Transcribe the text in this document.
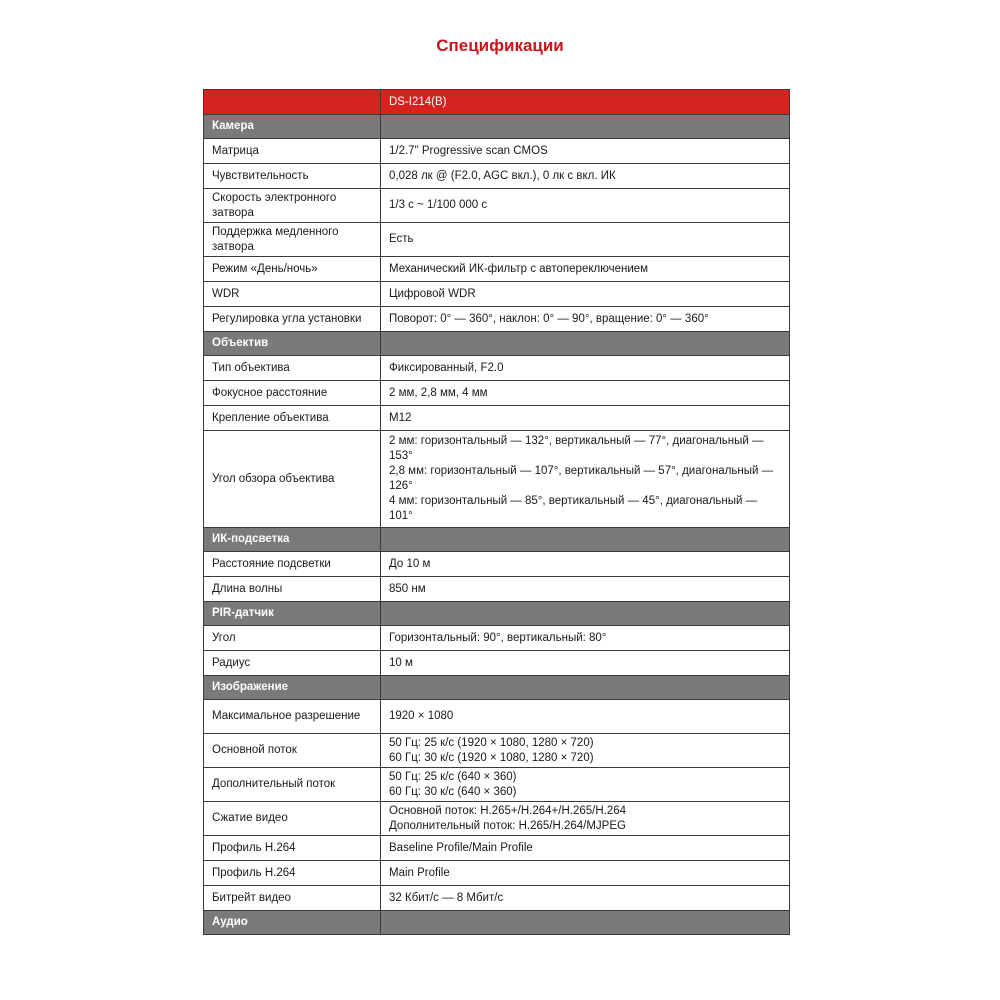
Спецификации
	DS-I214(B)
Камера	
Матрица	1/2.7" Progressive scan CMOS
Чувствительность	0,028 лк @ (F2.0, AGC вкл.), 0 лк с вкл. ИК
Скорость электронного затвора	1/3 с ~ 1/100 000 с
Поддержка медленного затвора	Есть
Режим «День/ночь»	Механический ИК-фильтр с автопереключением
WDR	Цифровой WDR
Регулировка угла установки	Поворот: 0° — 360°, наклон: 0° — 90°, вращение: 0° — 360°
Объектив	
Тип объектива	Фиксированный, F2.0
Фокусное расстояние	2 мм, 2,8 мм, 4 мм
Крепление объектива	M12
Угол обзора объектива	2 мм: горизонтальный — 132°, вертикальный — 77°, диагональный — 153°
2,8 мм: горизонтальный — 107°, вертикальный — 57°, диагональный — 126°
4 мм: горизонтальный — 85°, вертикальный — 45°, диагональный — 101°

ИК-подсветка	
Расстояние подсветки	До 10 м
Длина волны	850 нм
PIR-датчик	
Угол	Горизонтальный: 90°, вертикальный: 80°
Радиус	10 м
Изображение	
Максимальное разрешение	1920 × 1080
Основной поток	50 Гц: 25 к/с (1920 × 1080, 1280 × 720)
60 Гц: 30 к/с (1920 × 1080, 1280 × 720)

Дополнительный поток	50 Гц: 25 к/с (640 × 360)
60 Гц: 30 к/с (640 × 360)

Сжатие видео	Основной поток: H.265+/H.264+/H.265/H.264
Дополнительный поток: H.265/H.264/MJPEG

Профиль H.264	Baseline Profile/Main Profile
Профиль H.264	Main Profile
Битрейт видео	32 Кбит/с — 8 Мбит/с
Аудио	
